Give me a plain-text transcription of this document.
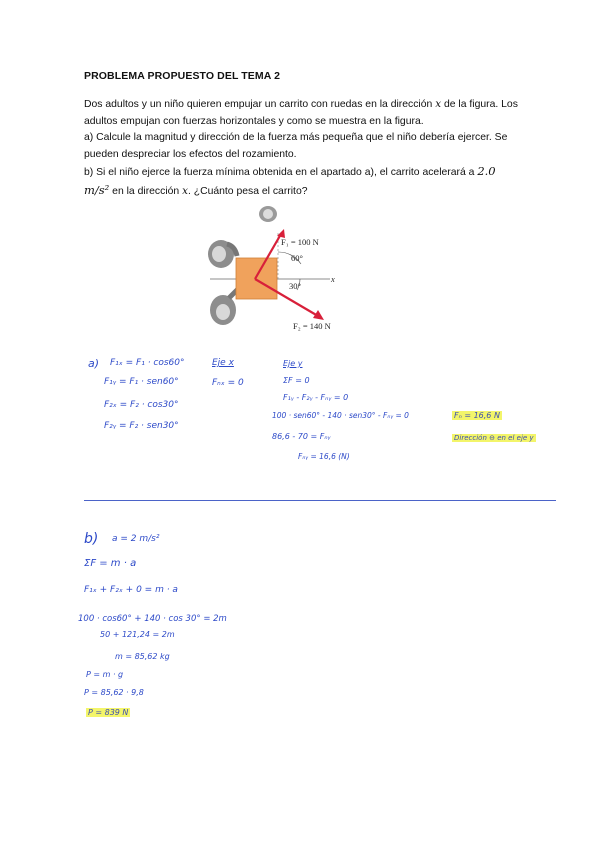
PROBLEMA PROPUESTO DEL TEMA 2

Dos adultos y un niño quieren empujar un carrito con ruedas en la dirección x de la figura. Los adultos empujan con fuerzas horizontales y como se muestra en la figura.

a) Calcule la magnitud y dirección de la fuerza más pequeña que el niño debería ejercer. Se pueden despreciar los efectos del rozamiento.

b) Si el niño ejerce la fuerza mínima obtenida en el apartado a), el carrito acelerará a 2.0 m/s² en la dirección x. ¿Cuánto pesa el carrito?

x
F₁ = 100 N
60°
30°
F₂ = 140 N
a) F₁ₓ = F₁ · cos60°
F₁ᵧ = F₁ · sen60°
F₂ₓ = F₂ · cos30°
F₂ᵧ = F₂ · sen30°
Eje x
Fₙₓ = 0
Eje y
ΣF = 0
F₁ᵧ - F₂ᵧ - Fₙᵧ = 0
100 · sen60° - 140 · sen30° - Fₙᵧ = 0
86,6 - 70 = Fₙᵧ
Fₙᵧ = 16,6 (N)
Fₙ = 16,6 N
Dirección ⊖ en el eje y
b) a = 2 m/s²
ΣF = m · a
F₁ₓ + F₂ₓ + 0 = m · a
100 · cos60° + 140 · cos 30° = 2m
50 + 121,24 = 2m
m = 85,62 kg
P = m · g
P = 85,62 · 9,8
P = 839 N
